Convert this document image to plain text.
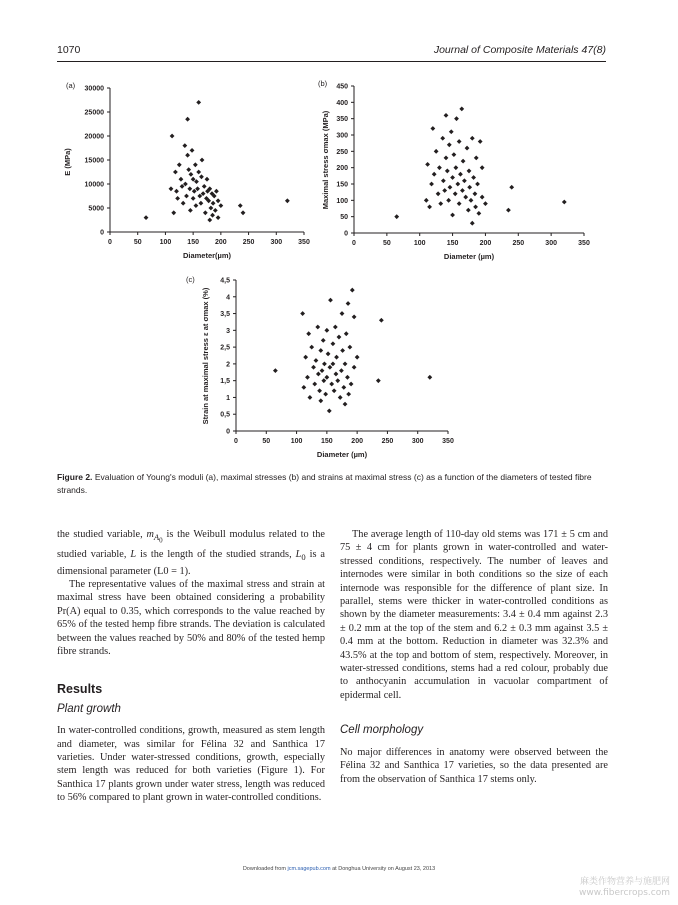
1070	Journal of Composite Materials 47(8)
0	50	100 150 200 250 300 350
0
5000
10000
15000
20000
25000
30000
Diameter(µm)
E (MPa)
(a)
0	50	100	150	200	250	300	350
0
50
100
150
200
250
300
350
400
450
Diameter (µm)
Maximal stress σmax (MPa)
(b)
0	50	100	150	200	250	300	350
0
0,5
1
1,5
2
2,5
3
3,5
4
4,5
Diameter (µm)
Strain at maximal stress ε at σmax (%)
(c)
Figure 2. Evaluation of Young's moduli (a), maximal stresses (b) and strains at maximal stress (c) as a function of the diameters of tested fibre strands.

the studied variable, $m_{A_0}$ is the Weibull modulus related to the studied variable, L is the length of the studied strands, $L_0$ is a dimensional parameter (L0 = 1).

The representative values of the maximal stress and strain at maximal stress have been obtained considering a probability Pr(A) equal to 0.35, which corresponds to the value reached by 65% of the tested hemp fibre strands. The deviation is calculated between the values reached by 50% and 80% of the tested hemp fibre strands.

Results
Plant growth

In water-controlled conditions, growth, measured as stem length and diameter, was similar for Félina 32 and Santhica 17 varieties. Under water-stressed conditions, growth, especially stem length was reduced for both varieties (Figure 1). For Santhica 17 plants grown under water stress, length was reduced to 56% compared to plant grown in water-controlled conditions.

The average length of 110-day old stems was 171 ± 5 cm and 75 ± 4 cm for plants grown in water-controlled and water-stressed conditions, respectively. The number of leaves and internodes were similar in both conditions so the size of each internode was responsible for the difference of plant size. In parallel, stems were thicker in water-controlled conditions as shown by the diameter measurements: 3.4 ± 0.4 mm against 2.3 ± 0.2 mm at the top of the stem and 6.2 ± 0.3 mm against 3.5 ± 0.4 mm at the bottom. Reduction in diameter was 32.3% and 43.5% at the top and bottom of stem, respectively. Moreover, in water-stressed conditions, stems had a red colour, probably due to anthocyanin accumulation in vacuolar compartment of epidermal cell.

Cell morphology

No major differences in anatomy were observed between the Félina 32 and Santhica 17 varieties, so the data presented are from the observation of Santhica 17 stems only.

Downloaded from jcm.sagepub.com at Donghua University on August 23, 2013
麻类作物营养与施肥网
www.fibercrops.com
